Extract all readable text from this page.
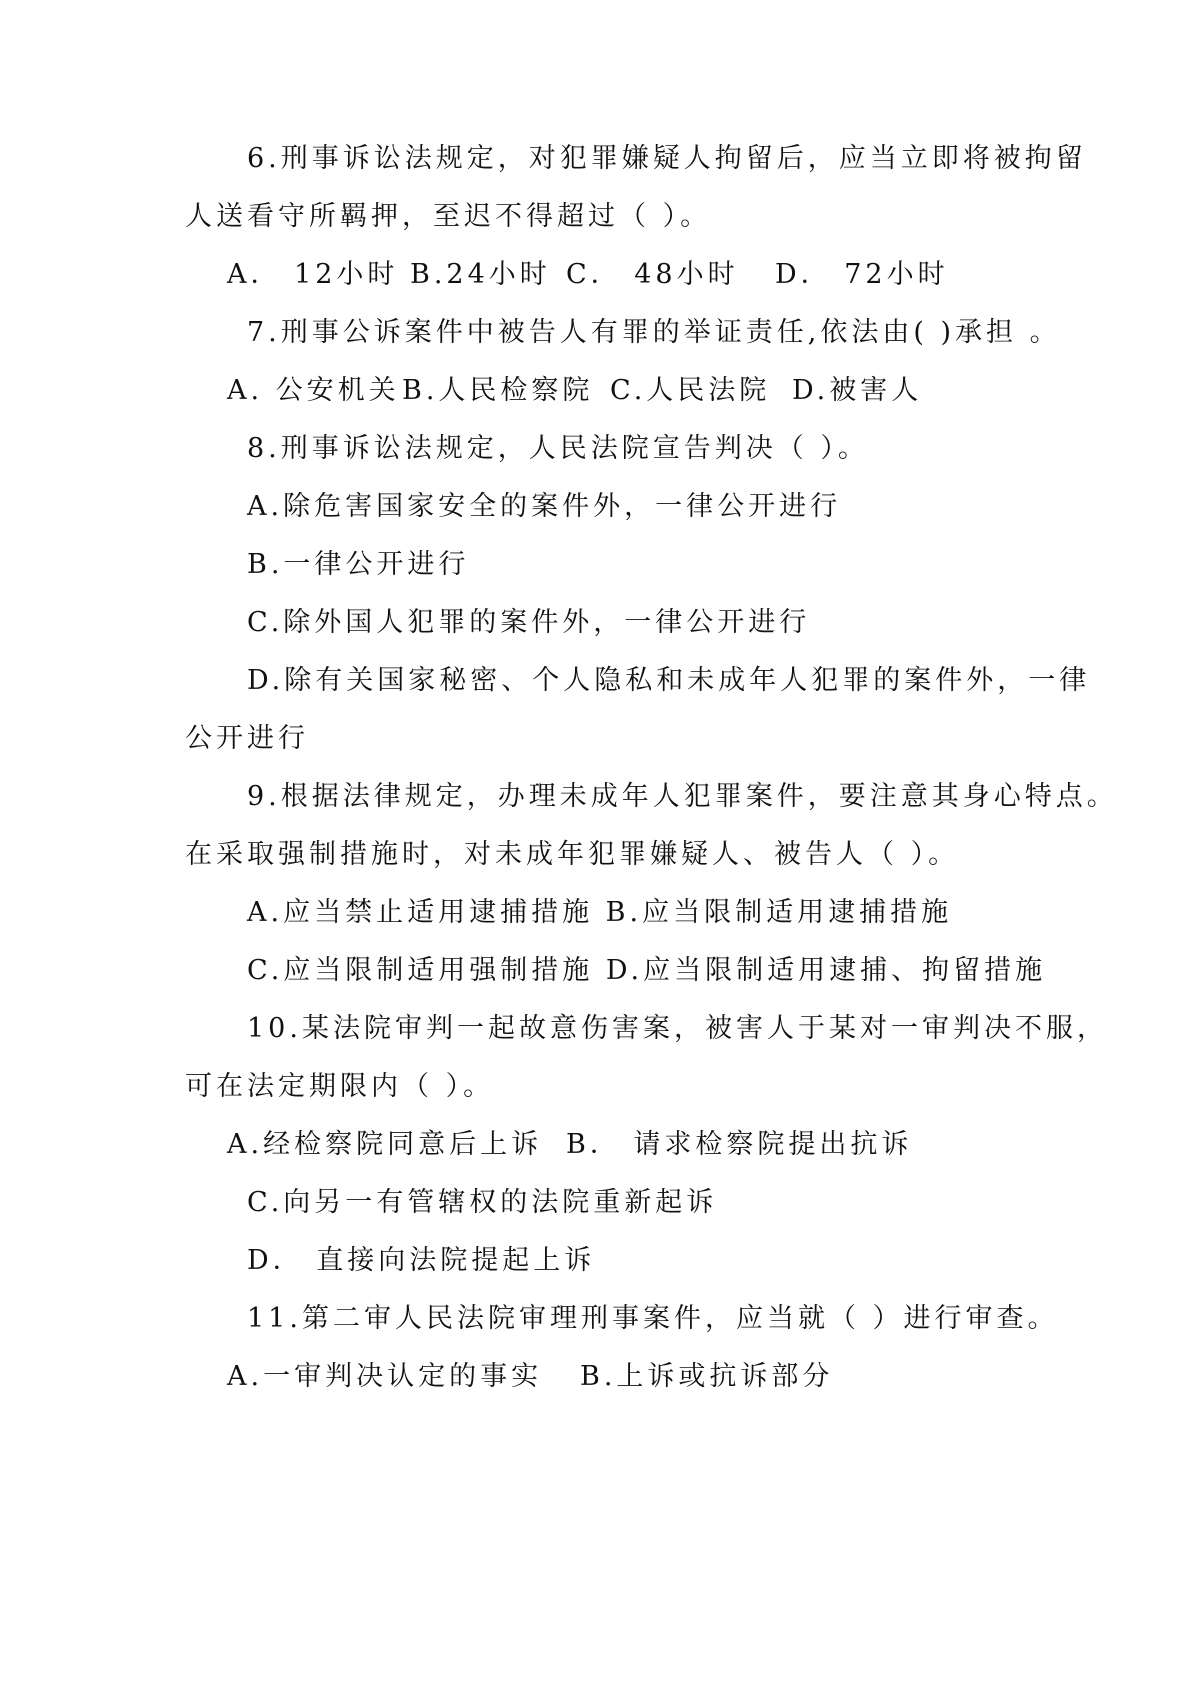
6.刑事诉讼法规定，对犯罪嫌疑人拘留后，应当立即将被拘留
人送看守所羁押，至迟不得超过（ ）。
A． 12小时 B.24小时 C． 48小时 D． 72小时
7.刑事公诉案件中被告人有罪的举证责任,依法由( )承担 。
A. 公安机关 B.人民检察院 C.人民法院 D.被害人
8.刑事诉讼法规定，人民法院宣告判决（ ）。
A.除危害国家安全的案件外，一律公开进行
B.一律公开进行
C.除外国人犯罪的案件外，一律公开进行
D.除有关国家秘密、个人隐私和未成年人犯罪的案件外，一律
公开进行
9.根据法律规定，办理未成年人犯罪案件，要注意其身心特点。
在采取强制措施时，对未成年犯罪嫌疑人、被告人（ ）。
A.应当禁止适用逮捕措施 B.应当限制适用逮捕措施
C.应当限制适用强制措施 D.应当限制适用逮捕、拘留措施
10.某法院审判一起故意伤害案，被害人于某对一审判决不服，
可在法定期限内（ ）。
A.经检察院同意后上诉 B． 请求检察院提出抗诉
C.向另一有管辖权的法院重新起诉
D． 直接向法院提起上诉
11.第二审人民法院审理刑事案件，应当就（ ）进行审查。
A.一审判决认定的事实 B.上诉或抗诉部分
